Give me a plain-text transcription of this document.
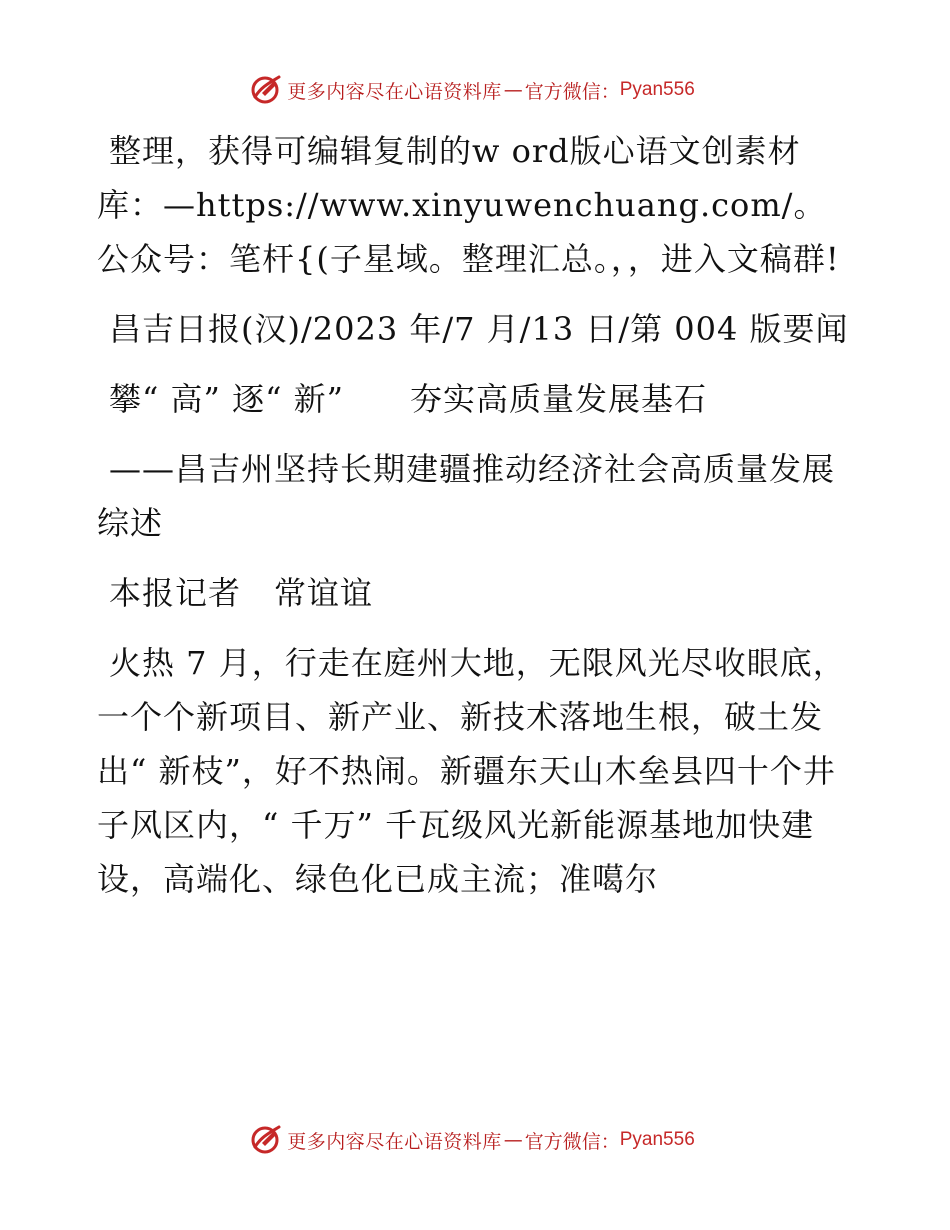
更多内容尽在心语资料库 — 官方微信： Pyan556

整理，获得可编辑复制的w ord版心语文创素材库：—https://www.xinyuwenchuang.com/。公众号：笔杆{(子星域。整理汇总。，，进入文稿群!

昌吉日报(汉)/2023 年/7 月/13 日/第 004 版要闻

攀“ 高” 逐“ 新”　　夯实高质量发展基石

——昌吉州坚持长期建疆推动经济社会高质量发展综述

本报记者　常谊谊

火热 7 月，行走在庭州大地，无限风光尽收眼底，一个个新项目、新产业、新技术落地生根，破土发出“ 新枝”，好不热闹。新疆东天山木垒县四十个井子风区内，“ 千万” 千瓦级风光新能源基地加快建设，高端化、绿色化已成主流；准噶尔

更多内容尽在心语资料库 — 官方微信： Pyan556
